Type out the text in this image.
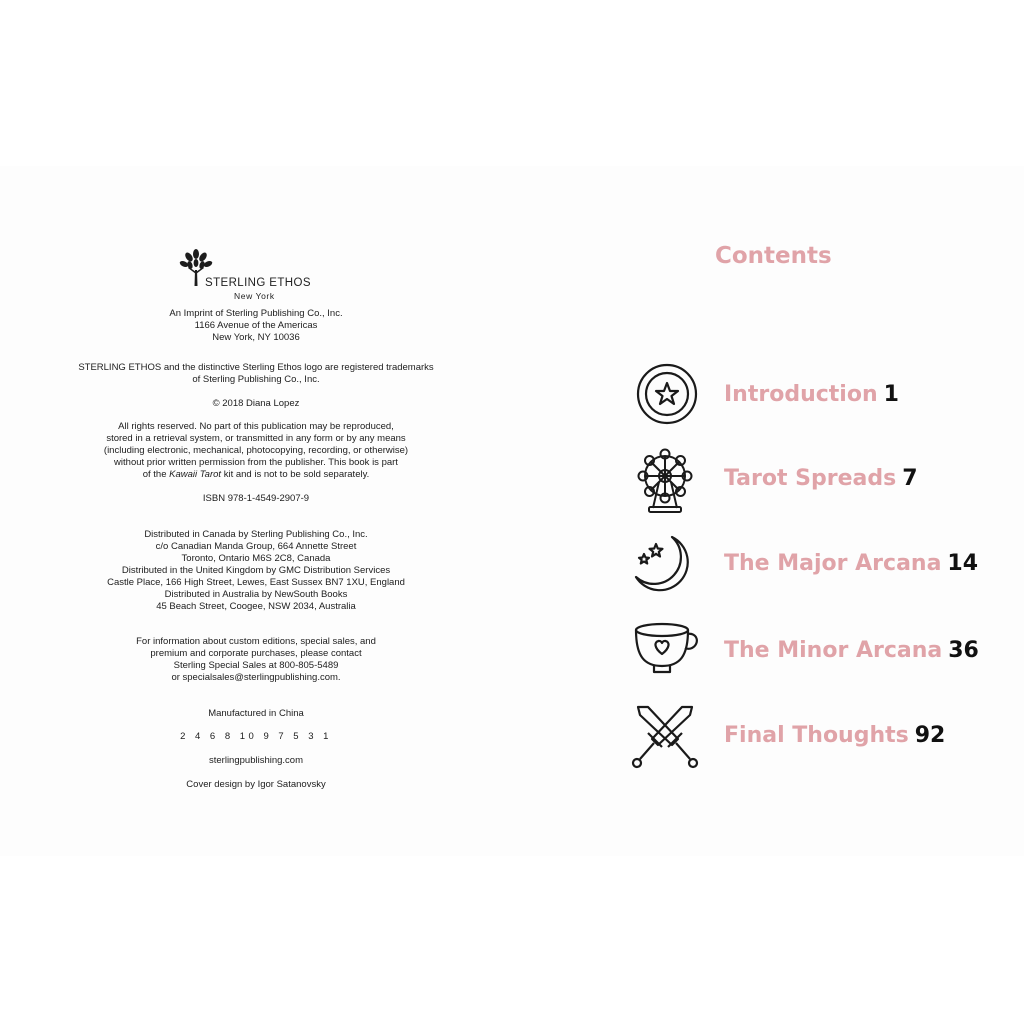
STERLING ETHOS
New York
An Imprint of Sterling Publishing Co., Inc.
1166 Avenue of the Americas
New York, NY 10036
STERLING ETHOS and the distinctive Sterling Ethos logo are registered trademarks
of Sterling Publishing Co., Inc.
© 2018 Diana Lopez
All rights reserved. No part of this publication may be reproduced,
stored in a retrieval system, or transmitted in any form or by any means
(including electronic, mechanical, photocopying, recording, or otherwise)
without prior written permission from the publisher. This book is part
of the Kawaii Tarot kit and is not to be sold separately.
ISBN 978-1-4549-2907-9
Distributed in Canada by Sterling Publishing Co., Inc.
c/o Canadian Manda Group, 664 Annette Street
Toronto, Ontario M6S 2C8, Canada
Distributed in the United Kingdom by GMC Distribution Services
Castle Place, 166 High Street, Lewes, East Sussex BN7 1XU, England
Distributed in Australia by NewSouth Books
45 Beach Street, Coogee, NSW 2034, Australia
For information about custom editions, special sales, and
premium and corporate purchases, please contact
Sterling Special Sales at 800-805-5489
or specialsales@sterlingpublishing.com.
Manufactured in China
2 4 6 8 10 9 7 5 3 1
sterlingpublishing.com
Cover design by Igor Satanovsky
Contents
Introduction 1
Tarot Spreads 7
The Major Arcana 14
The Minor Arcana 36
Final Thoughts 92
